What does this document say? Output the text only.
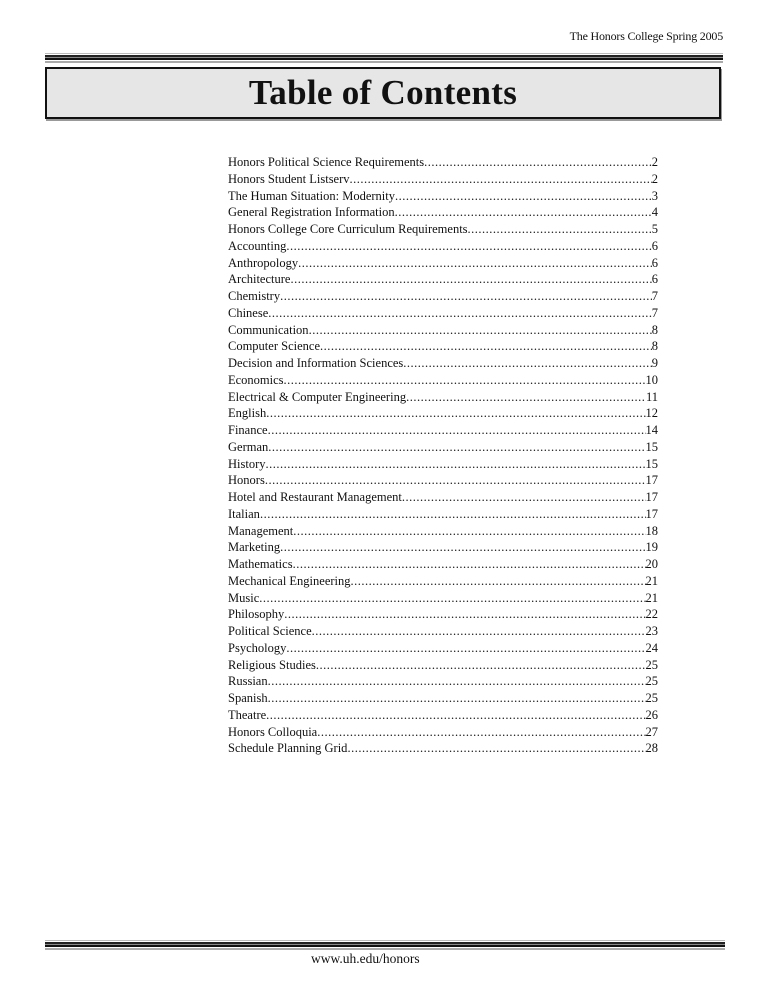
The Honors College Spring 2005
Table of Contents
Honors Political Science Requirements .....	2
Honors Student Listserv .....	2
The Human Situation: Modernity .....	3
General Registration Information .....	4
Honors College Core Curriculum Requirements .....	5
Accounting .....	6
Anthropology .....	6
Architecture .....	6
Chemistry .....	7
Chinese .....	7
Communication .....	8
Computer Science .....	8
Decision and Information Sciences .....	9
Economics .....	10
Electrical & Computer Engineering .....	11
English .....	12
Finance .....	14
German .....	15
History .....	15
Honors .....	17
Hotel and Restaurant Management .....	17
Italian .....	17
Management .....	18
Marketing .....	19
Mathematics .....	20
Mechanical Engineering .....	21
Music .....	21
Philosophy .....	22
Political Science .....	23
Psychology .....	24
Religious Studies .....	25
Russian .....	25
Spanish .....	25
Theatre .....	26
Honors Colloquia .....	27
Schedule Planning Grid .....	28
www.uh.edu/honors
